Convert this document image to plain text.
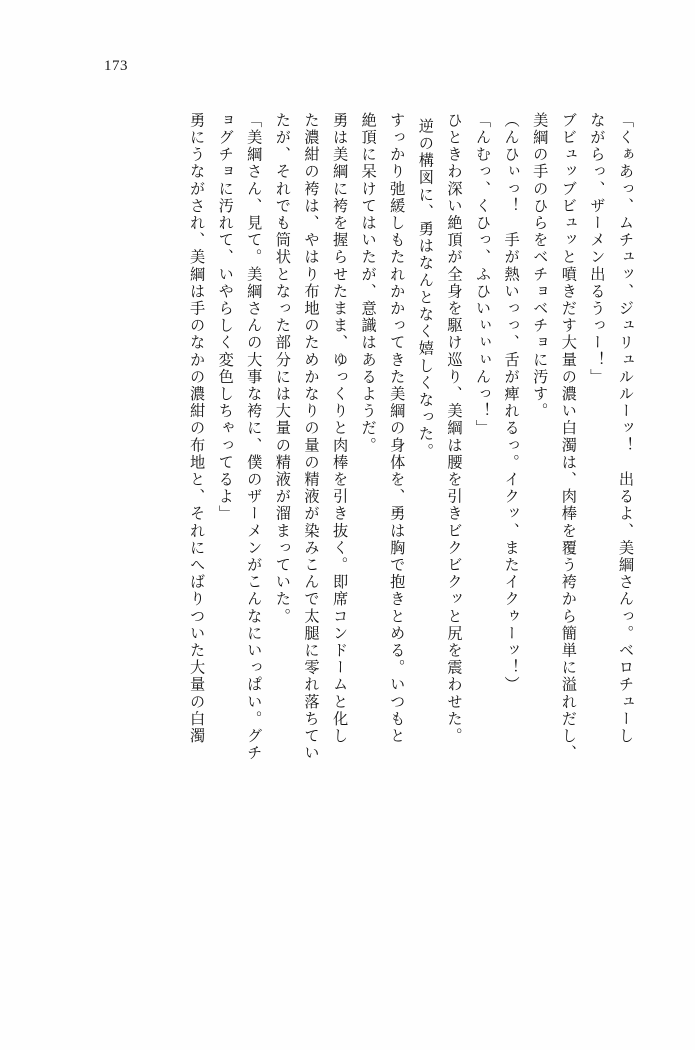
173
「くぁあっ、ムチュッ、ジュリュルルーッ！　出るよ、美綱さんっ。ベロチューし
ながらっ、ザーメン出るうっー！」
ブビュッブビュッと噴きだす大量の濃い白濁は、肉棒を覆う袴から簡単に溢れだし、
美綱の手のひらをベチョベチョに汚す。
（んひぃっ！　手が熱いっっ、舌が痺れるっ。イクッ、またイクゥーッ！）
「んむっ、くひっ、ふひいぃぃぃんっ！」
ひときわ深い絶頂が全身を駆け巡り、美綱は腰を引きビクビクッと尻を震わせた。
逆の構図に、勇はなんとなく嬉しくなった。
すっかり弛緩しもたれかかってきた美綱の身体を、勇は胸で抱きとめる。いつもと
絶頂に呆けてはいたが、意識はあるようだ。
勇は美綱に袴を握らせたまま、ゆっくりと肉棒を引き抜く。即席コンドームと化し
た濃紺の袴は、やはり布地のためかなりの量の精液が染みこんで太腿に零れ落ちてい
たが、それでも筒状となった部分には大量の精液が溜まっていた。
「美綱さん、見て。美綱さんの大事な袴に、僕のザーメンがこんなにいっぱい。グチ
ョグチョに汚れて、いやらしく変色しちゃってるよ」
勇にうながされ、美綱は手のなかの濃紺の布地と、それにへばりついた大量の白濁
